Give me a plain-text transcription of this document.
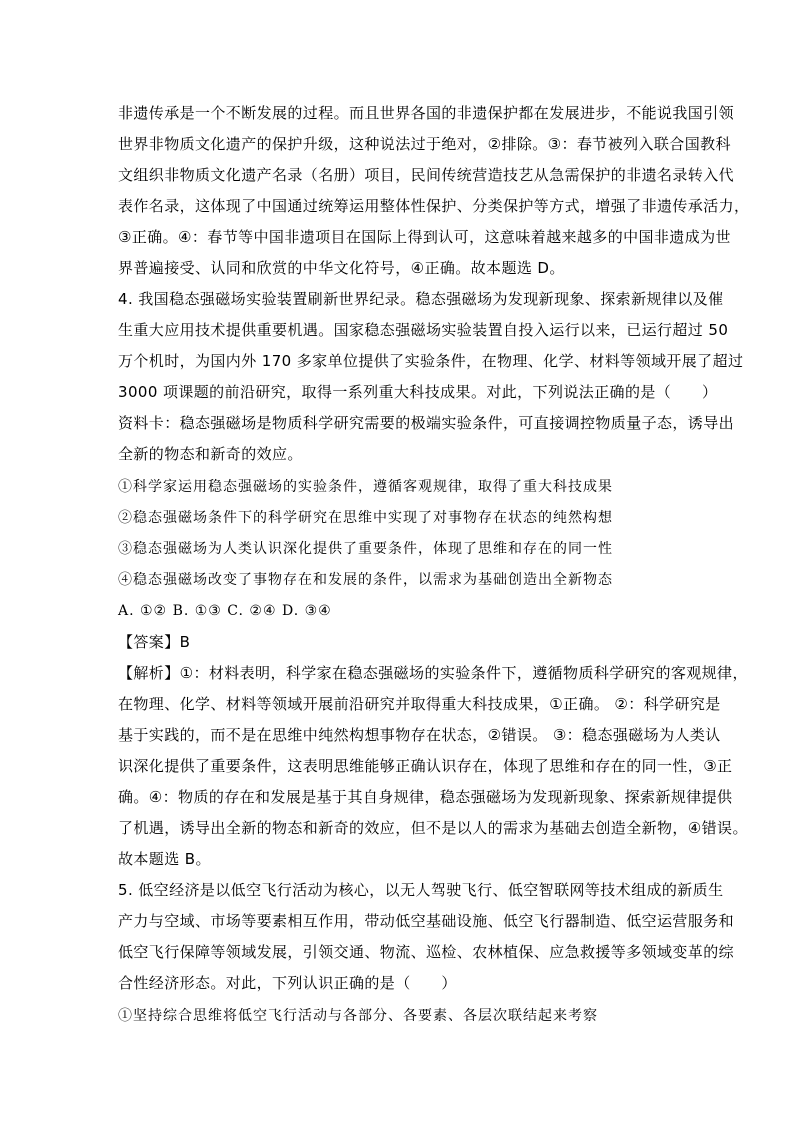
非遗传承是一个不断发展的过程。而且世界各国的非遗保护都在发展进步，不能说我国引领
世界非物质文化遗产的保护升级，这种说法过于绝对，②排除。③：春节被列入联合国教科
文组织非物质文化遗产名录（名册）项目，民间传统营造技艺从急需保护的非遗名录转入代
表作名录，这体现了中国通过统筹运用整体性保护、分类保护等方式，增强了非遗传承活力，
③正确。④：春节等中国非遗项目在国际上得到认可，这意味着越来越多的中国非遗成为世
界普遍接受、认同和欣赏的中华文化符号，④正确。故本题选 D。
4. 我国稳态强磁场实验装置刷新世界纪录。稳态强磁场为发现新现象、探索新规律以及催
生重大应用技术提供重要机遇。国家稳态强磁场实验装置自投入运行以来，已运行超过 50
万个机时，为国内外 170 多家单位提供了实验条件，在物理、化学、材料等领域开展了超过
3000 项课题的前沿研究，取得一系列重大科技成果。对此，下列说法正确的是（　　）
资料卡：稳态强磁场是物质科学研究需要的极端实验条件，可直接调控物质量子态，诱导出
全新的物态和新奇的效应。
①科学家运用稳态强磁场的实验条件，遵循客观规律，取得了重大科技成果
②稳态强磁场条件下的科学研究在思维中实现了对事物存在状态的纯然构想
③稳态强磁场为人类认识深化提供了重要条件，体现了思维和存在的同一性
④稳态强磁场改变了事物存在和发展的条件，以需求为基础创造出全新物态
A. ①② B. ①③ C. ②④ D. ③④
【答案】B
【解析】①：材料表明，科学家在稳态强磁场的实验条件下，遵循物质科学研究的客观规律，
在物理、化学、材料等领域开展前沿研究并取得重大科技成果，①正确。 ②：科学研究是
基于实践的，而不是在思维中纯然构想事物存在状态，②错误。 ③：稳态强磁场为人类认
识深化提供了重要条件，这表明思维能够正确认识存在，体现了思维和存在的同一性，③正
确。④：物质的存在和发展是基于其自身规律，稳态强磁场为发现新现象、探索新规律提供
了机遇，诱导出全新的物态和新奇的效应，但不是以人的需求为基础去创造全新物，④错误。
故本题选 B。
5. 低空经济是以低空飞行活动为核心，以无人驾驶飞行、低空智联网等技术组成的新质生
产力与空域、市场等要素相互作用，带动低空基础设施、低空飞行器制造、低空运营服务和
低空飞行保障等领域发展，引领交通、物流、巡检、农林植保、应急救援等多领域变革的综
合性经济形态。对此，下列认识正确的是（　　）
①坚持综合思维将低空飞行活动与各部分、各要素、各层次联结起来考察
